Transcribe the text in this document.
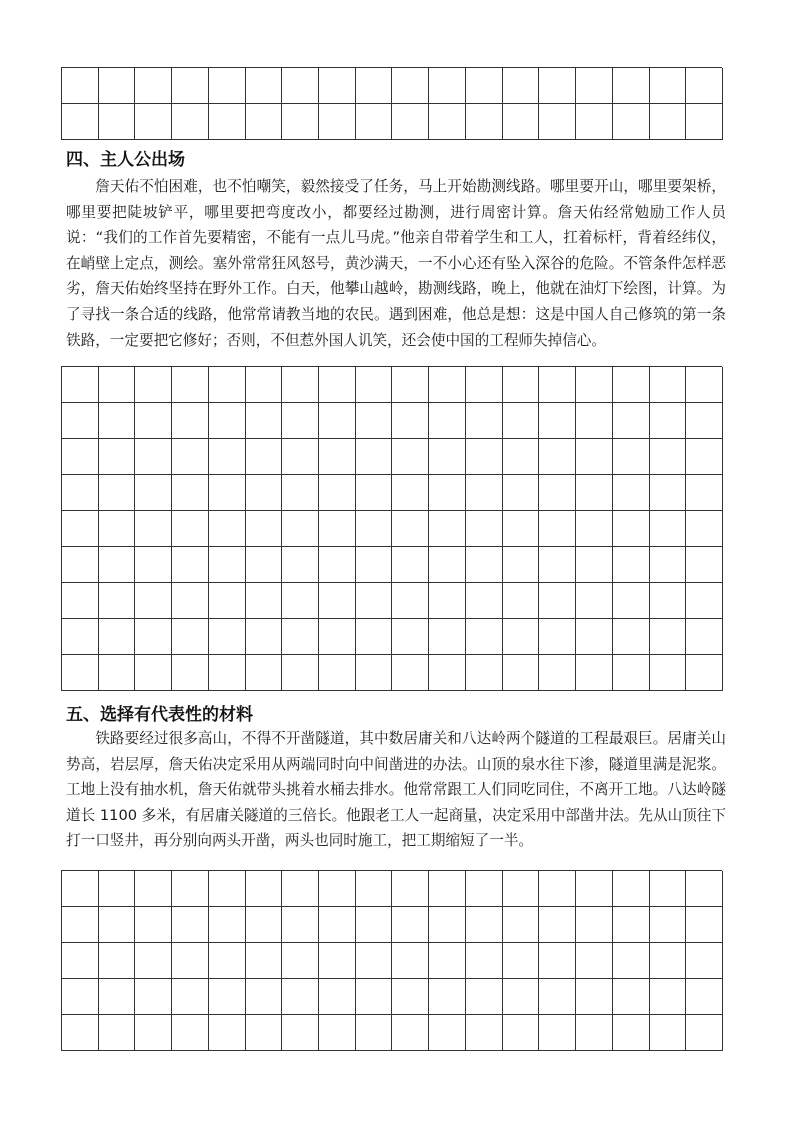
四、主人公出场

詹天佑不怕困难，也不怕嘲笑，毅然接受了任务，马上开始勘测线路。哪里要开山，哪里要架桥，哪里要把陡坡铲平，哪里要把弯度改小，都要经过勘测，进行周密计算。詹天佑经常勉励工作人员说：“我们的工作首先要精密，不能有一点儿马虎。”他亲自带着学生和工人，扛着标杆，背着经纬仪，在峭壁上定点，测绘。塞外常常狂风怒号，黄沙满天，一不小心还有坠入深谷的危险。不管条件怎样恶劣，詹天佑始终坚持在野外工作。白天，他攀山越岭，勘测线路，晚上，他就在油灯下绘图，计算。为了寻找一条合适的线路，他常常请教当地的农民。遇到困难，他总是想：这是中国人自己修筑的第一条铁路，一定要把它修好；否则，不但惹外国人讥笑，还会使中国的工程师失掉信心。

五、选择有代表性的材料

铁路要经过很多高山，不得不开凿隧道，其中数居庸关和八达岭两个隧道的工程最艰巨。居庸关山势高，岩层厚，詹天佑决定采用从两端同时向中间凿进的办法。山顶的泉水往下渗，隧道里满是泥浆。工地上没有抽水机，詹天佑就带头挑着水桶去排水。他常常跟工人们同吃同住，不离开工地。八达岭隧道长 1100 多米，有居庸关隧道的三倍长。他跟老工人一起商量，决定采用中部凿井法。先从山顶往下打一口竖井，再分别向两头开凿，两头也同时施工，把工期缩短了一半。
